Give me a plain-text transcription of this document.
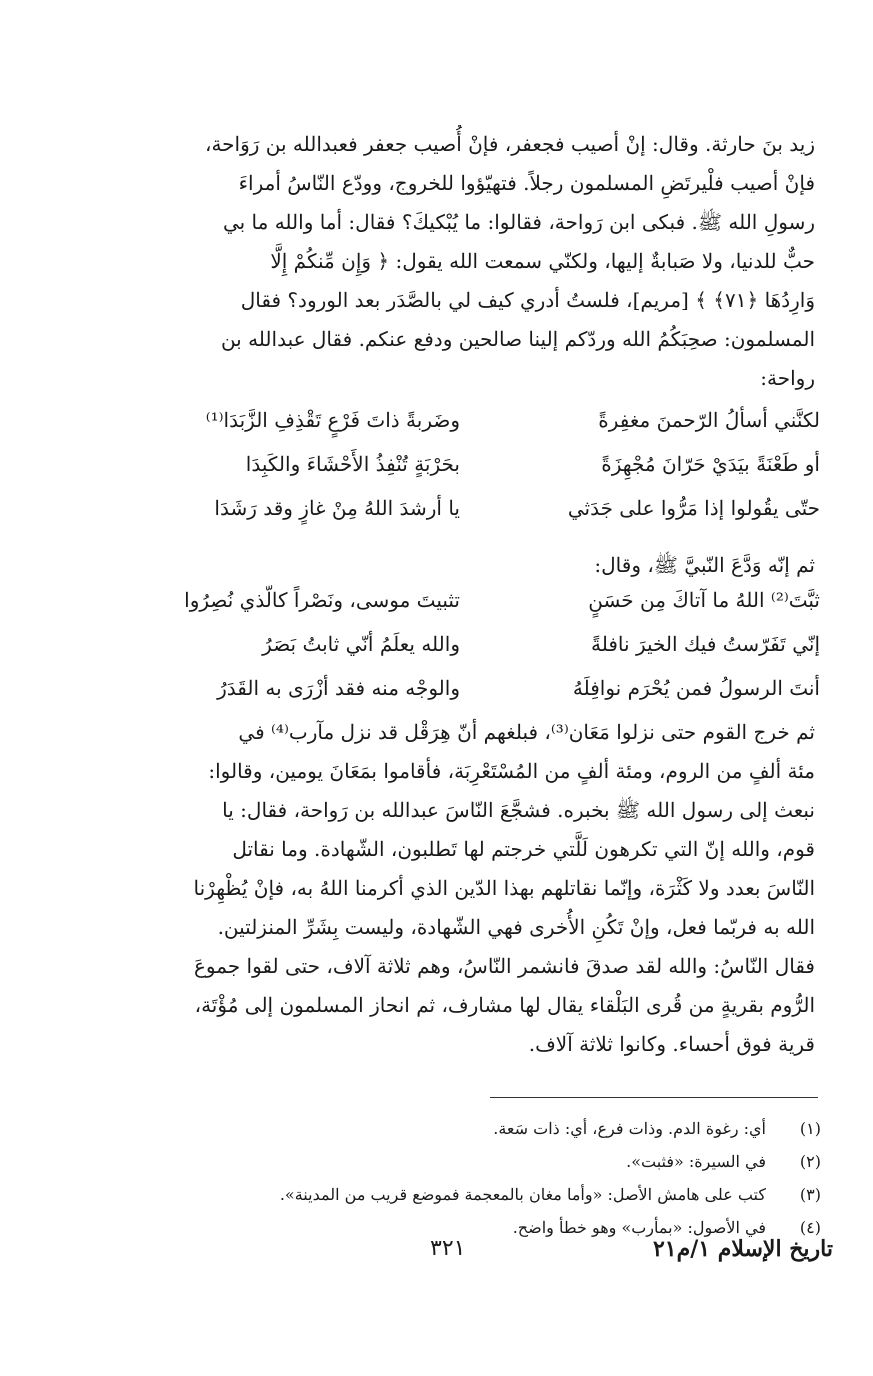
زيد بنَ حارثة. وقال: إنْ أصيب فجعفر، فإنْ أُصيب جعفر فعبدالله بن رَوَاحة،
فإنْ أصيب فلْيرتَضِ المسلمون رجلاً. فتهيّؤوا للخروج، وودّع النّاسُ أمراءَ
رسولِ الله ﷺ. فبكى ابن رَواحة، فقالوا: ما يُبْكيكَ؟ فقال: أما والله ما بي
حبٌّ للدنيا، ولا صَبابةٌ إليها، ولكنّي سمعت الله يقول: ﴿ وَإِن مِّنكُمْ إِلَّا
وَارِدُهَا ﴿٧١﴾ ﴾ [مريم]، فلستُ أدري كيف لي بالصَّدَر بعد الورود؟ فقال
المسلمون: صحِبَكُمُ الله وردّكم إلينا صالحين ودفع عنكم. فقال عبدالله بن
رواحة:
لكنَّني أسألُ الرّحمنَ مغفِرةً
وضَربةً ذاتَ فَرْعٍ تَقْذِفِ الزَّبَدَا⁽¹⁾
أو طَعْنَةً بيَدَيْ حَرّانَ مُجْهِزَةً
بحَرْبَةٍ تُنْفِذُ الأَحْشَاءَ والكَبِدَا
حتّى يقُولوا إذا مَرُّوا على جَدَثي
يا أرشدَ اللهُ مِنْ غازٍ وقد رَشَدَا
ثم إنّه وَدَّعَ النّبيَّ ﷺ، وقال:
ثبَّتَ⁽²⁾ اللهُ ما آتاكَ مِن حَسَنٍ
تثبيتَ موسى، ونَصْراً كالّذي نُصِرُوا
إنّي تَفَرّستُ فيك الخيرَ نافلةً
والله يعلَمُ أنّي ثابتُ بَصَرُ
أنتَ الرسولُ فمن يُحْرَم نوافِلَهُ
والوجْه منه فقد أزْرَى به القَدَرُ
ثم خرج القوم حتى نزلوا مَعَان⁽³⁾، فبلغهم أنّ هِرَقْل قد نزل مآرب⁽⁴⁾ في
مئة ألفٍ من الروم، ومئة ألفٍ من المُسْتَعْرِبَة، فأقاموا بمَعَانَ يومين، وقالوا:
نبعث إلى رسول الله ﷺ بخبره. فشجَّعَ النّاسَ عبدالله بن رَواحة، فقال: يا
قوم، والله إنّ التي تكرهون لَلَّتي خرجتم لها تَطلبون، الشّهادة. وما نقاتل
النّاسَ بعدد ولا كَثْرَة، وإنّما نقاتلهم بهذا الدّين الذي أكرمنا اللهُ به، فإنْ يُظْهِرْنا
الله به فربّما فعل، وإنْ تَكُنِ الأُخرى فهي الشّهادة، وليست بِشَرِّ المنزلتين.
فقال النّاسُ: والله لقد صدقَ فانشمر النّاسُ، وهم ثلاثة آلاف، حتى لقوا جموعَ
الرُّوم بقريةٍ من قُرى البَلْقاء يقال لها مشارف، ثم انحاز المسلمون إلى مُؤْتَة،
قرية فوق أحساء. وكانوا ثلاثة آلاف.
(١)
أي: رغوة الدم. وذات فرع، أي: ذات سَعة.
(٢)
في السيرة: «فثبت».
(٣)
كتب على هامش الأصل: «وأما مغان بالمعجمة فموضع قريب من المدينة».
(٤)
في الأصول: «بمأرب» وهو خطأ واضح.
تاريخ الإسلام ١/م٢١
٣٢١
